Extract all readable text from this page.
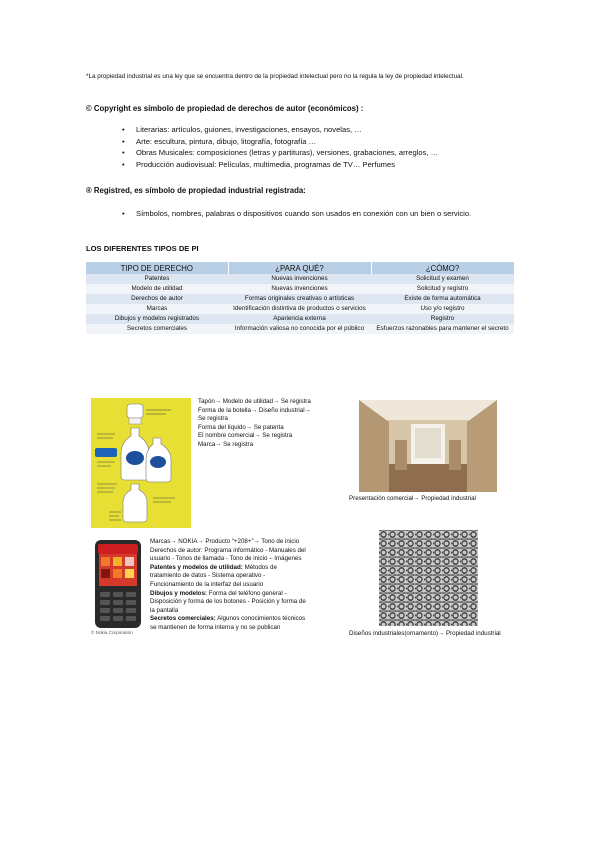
*La propiedad industrial es una ley que se encuentra dentro de la propiedad intelectual pero no la regula la ley de propiedad intelectual.
© Copyright es símbolo de propiedad de derechos de autor (económicos) :
• Literarias: artículos, guiones, investigaciones, ensayos, novelas, …
• Arte: escultura, pintura, dibujo, litografía, fotografía …
• Obras Musicales: composiciones (letras y partituras), versiones, grabaciones, arreglos, …
• Producción audiovisual: Películas, multimedia, programas de TV… Perfumes
® Registred, es símbolo de propiedad industrial registrada:
• Símbolos, nombres, palabras o dispositivos cuando son usados en conexión con un bien o servicio.
LOS DIFERENTES TIPOS DE PI
TIPO DE DERECHO	¿PARA QUÉ?	¿CÓMO?
Patentes	Nuevas invenciones	Solicitud y examen
Modelo de utilidad	Nuevas invenciones	Solicitud y registro
Derechos de autor	Formas originales creativas o artísticas	Existe de forma automática
Marcas	Identificación distintiva de productos o servicios	Uso y/o registro
Dibujos y modelos registrados	Apariencia externa	Registro
Secretos comerciales	Información valiosa no conocida por el público	Esfuerzos razonables para mantener el secreto
Tapón→ Modelo de utilidad→ Se registra
Forma de la botella→ Diseño industrial→
Se registra
Forma del líquido→ Se patenta
El nombre comercial→ Se registra
Marca→ Se registra
Presentación comercial→ Propiedad industrial
© Nokia Corporation
Marcas→ NOKIA→ Producto “+208+”→ Tono de inicio
Derechos de autor: Programa informático - Manuales del
usuario - Tonos de llamada - Tono de inicio – Imágenes
Patentes y modelos de utilidad: Métodos de
tratamiento de datos - Sistema operativo -
Funcionamiento de la interfaz del usuario
Dibujos y modelos: Forma del teléfono general -
Disposición y forma de los botones - Posición y forma de
la pantalla
Secretos comerciales: Algunos conocimientos técnicos
se mantienen de forma interna y no se publican
Diseños industriales(ornamento)→ Propiedad industrial
